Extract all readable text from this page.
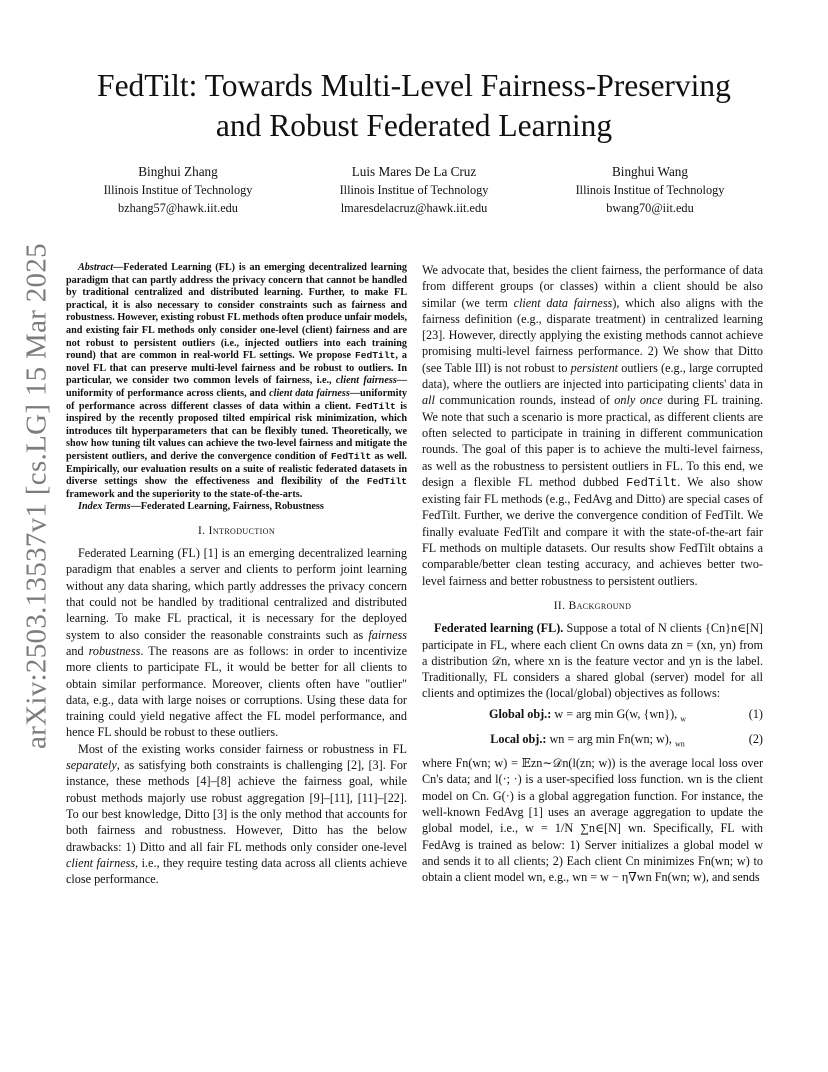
arXiv:2503.13537v1 [cs.LG] 15 Mar 2025
FedTilt: Towards Multi-Level Fairness-Preserving
and Robust Federated Learning
Binghui Zhang
Illinois Institue of Technology
bzhang57@hawk.iit.edu
Luis Mares De La Cruz
Illinois Institue of Technology
lmaresdelacruz@hawk.iit.edu
Binghui Wang
Illinois Institue of Technology
bwang70@iit.edu

Abstract—Federated Learning (FL) is an emerging decentralized learning paradigm that can partly address the privacy concern that cannot be handled by traditional centralized and distributed learning. Further, to make FL practical, it is also necessary to consider constraints such as fairness and robustness. However, existing robust FL methods often produce unfair models, and existing fair FL methods only consider one-level (client) fairness and are not robust to persistent outliers (i.e., injected outliers into each training round) that are common in real-world FL settings. We propose FedTilt, a novel FL that can preserve multi-level fairness and be robust to outliers. In particular, we consider two common levels of fairness, i.e., client fairness—uniformity of performance across clients, and client data fairness—uniformity of performance across different classes of data within a client. FedTilt is inspired by the recently proposed tilted empirical risk minimization, which introduces tilt hyperparameters that can be flexibly tuned. Theoretically, we show how tuning tilt values can achieve the two-level fairness and mitigate the persistent outliers, and derive the convergence condition of FedTilt as well. Empirically, our evaluation results on a suite of realistic federated datasets in diverse settings show the effectiveness and flexibility of the FedTilt framework and the superiority to the state-of-the-arts.

Index Terms—Federated Learning, Fairness, Robustness

I. Introduction

Federated Learning (FL) [1] is an emerging decentralized learning paradigm that enables a server and clients to perform joint learning without any data sharing, which partly addresses the privacy concern that could not be handled by traditional centralized and distributed learning. To make FL practical, it is necessary for the deployed system to also consider the reasonable constraints such as fairness and robustness. The reasons are as follows: in order to incentivize more clients to participate FL, it would be better for all clients to obtain similar performance. Moreover, clients often have "outlier" data, e.g., data with large noises or corruptions. Using these data for training could yield negative affect the FL model performance, and hence FL should be robust to these outliers.

Most of the existing works consider fairness or robustness in FL separately, as satisfying both constraints is challenging [2], [3]. For instance, these methods [4]–[8] achieve the fairness goal, while robust methods majorly use robust aggregation [9]–[11], [11]–[22]. To our best knowledge, Ditto [3] is the only method that accounts for both fairness and robustness. However, Ditto has the below drawbacks: 1) Ditto and all fair FL methods only consider one-level client fairness, i.e., they require testing data across all clients achieve close performance.

We advocate that, besides the client fairness, the performance of data from different groups (or classes) within a client should be also similar (we term client data fairness), which also aligns with the fairness definition (e.g., disparate treatment) in centralized learning [23]. However, directly applying the existing methods cannot achieve promising multi-level fairness performance. 2) We show that Ditto (see Table III) is not robust to persistent outliers (e.g., large corrupted data), where the outliers are injected into participating clients' data in all communication rounds, instead of only once during FL training. We note that such a scenario is more practical, as different clients are often selected to participate in training in different communication rounds. The goal of this paper is to achieve the multi-level fairness, as well as the robustness to persistent outliers in FL. To this end, we design a flexible FL method dubbed FedTilt. We also show existing fair FL methods (e.g., FedAvg and Ditto) are special cases of FedTilt. Further, we derive the convergence condition of FedTilt. We finally evaluate FedTilt and compare it with the state-of-the-art fair FL methods on multiple datasets. Our results show FedTilt obtains a comparable/better clean testing accuracy, and achieves better two-level fairness and better robustness to persistent outliers.

II. Background

Federated learning (FL). Suppose a total of N clients {Cn}n∈[N] participate in FL, where each client Cn owns data zn = (xn, yn) from a distribution 𝒟n, where xn is the feature vector and yn is the label. Traditionally, FL considers a shared global (server) model for all clients and optimizes the (local/global) objectives as follows:

Global obj.: w = arg min G(w, {wn}), $_w$	(1)
Local obj.: wn = arg min Fn(wn; w), $_{wn}$	(2)

where Fn(wn; w) = 𝔼zn∼𝒟n(l(zn; w)) is the average local loss over Cn's data; and l(·; ·) is a user-specified loss function. wn is the client model on Cn. G(·) is a global aggregation function. For instance, the well-known FedAvg [1] uses an average aggregation to update the global model, i.e., w = 1/N ∑n∈[N] wn. Specifically, FL with FedAvg is trained as below: 1) Server initializes a global model w and sends it to all clients; 2) Each client Cn minimizes Fn(wn; w) to obtain a client model wn, e.g., wn = w − η∇wn Fn(wn; w), and sends
